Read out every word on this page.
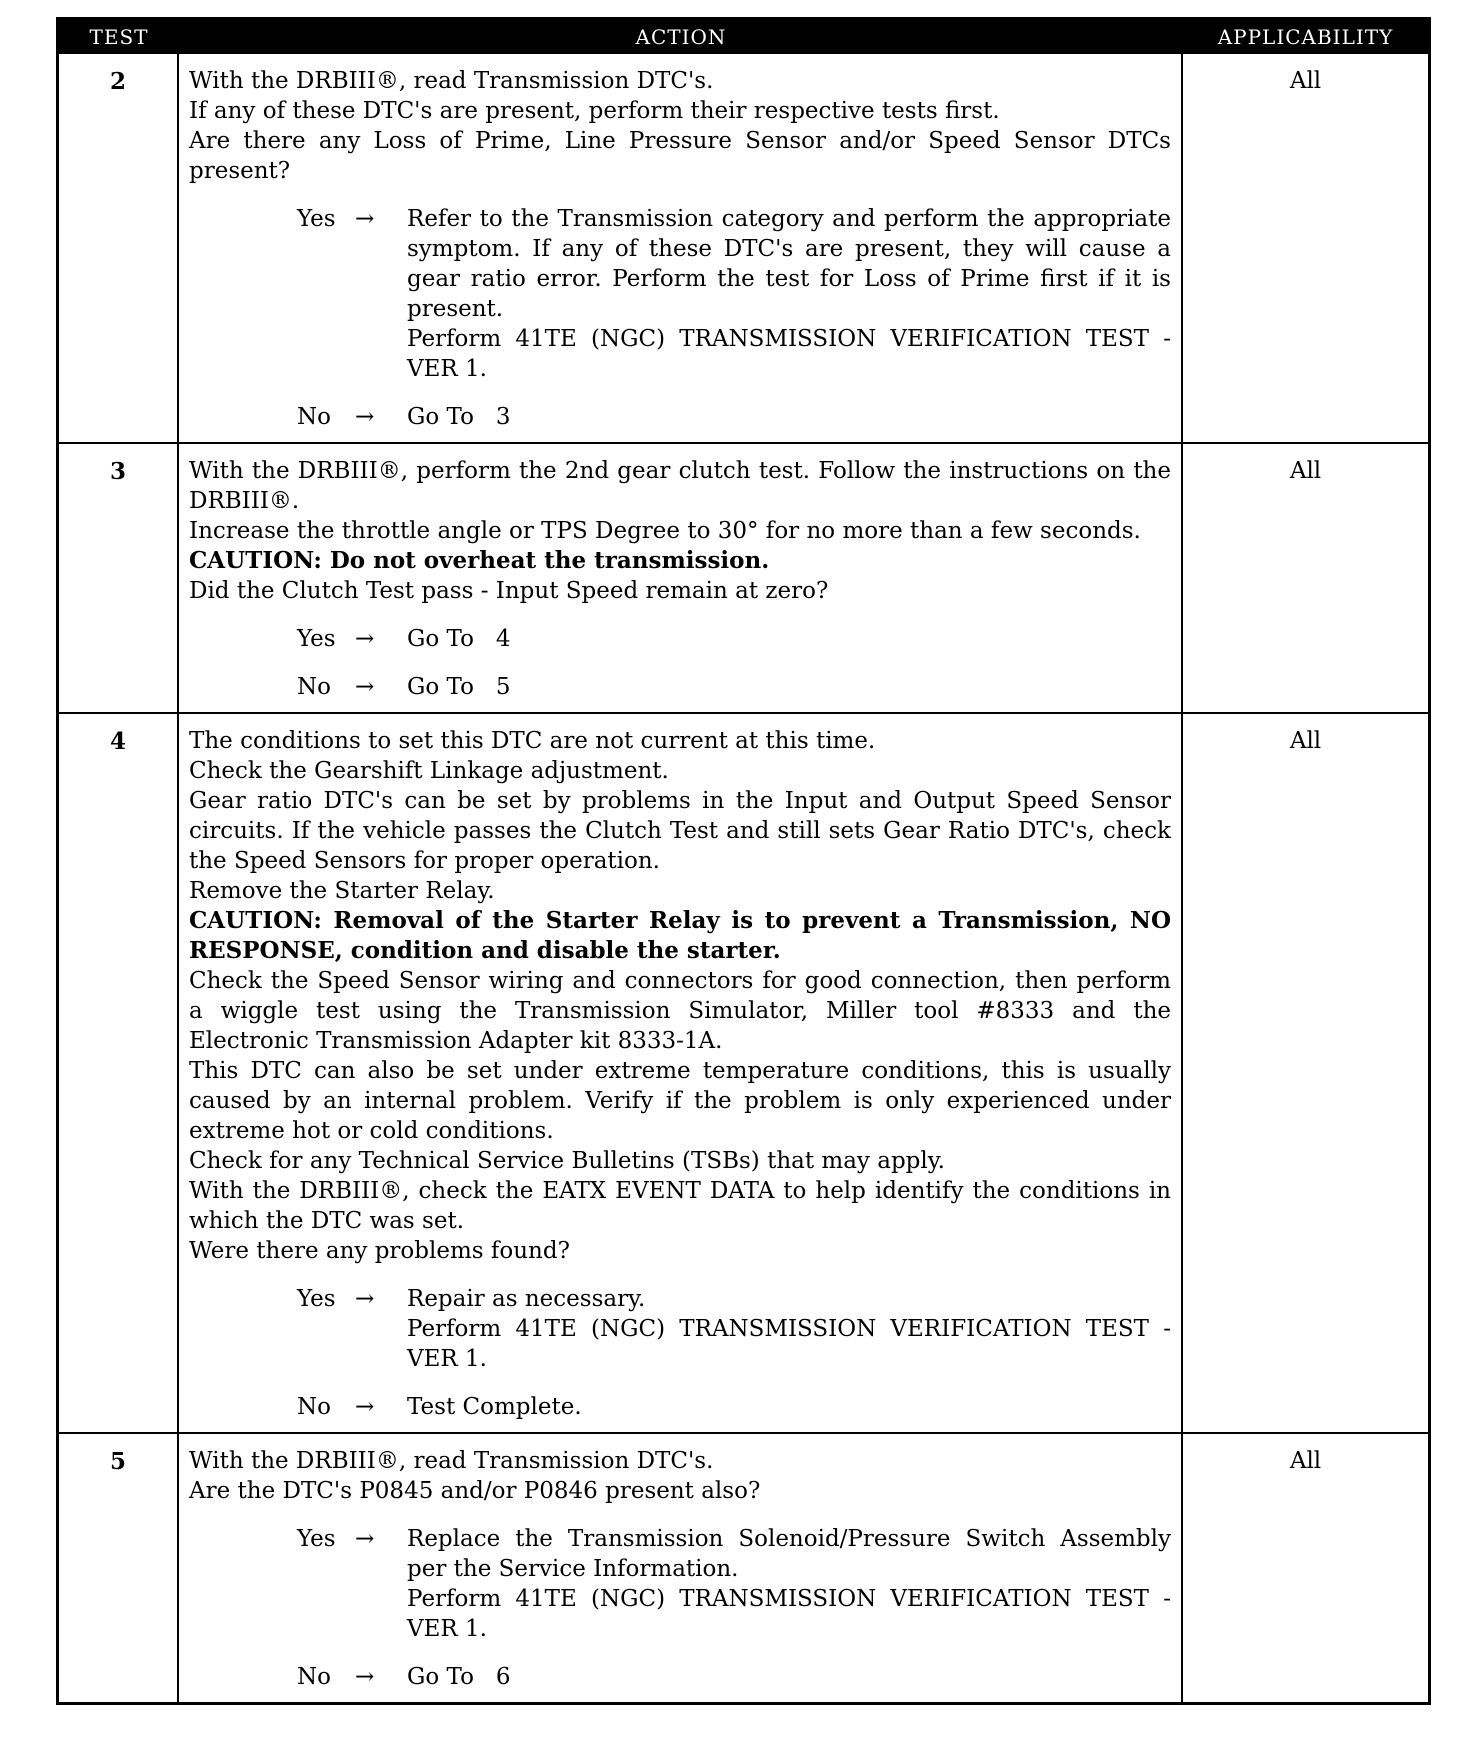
TEST	ACTION	APPLICABILITY
2	With the DRBIII®, read Transmission DTC's.
If any of these DTC's are present, perform their respective tests first.
Are there any Loss of Prime, Line Pressure Sensor and/or Speed Sensor DTCs present?
Yes →	Refer to the Transmission category and perform the appropriate symptom. If any of these DTC's are present, they will cause a gear ratio error. Perform the test for Loss of Prime first if it is present.
Perform 41TE (NGC) TRANSMISSION VERIFICATION TEST - VER 1.
No	→	Go To   3
All
3	With the DRBIII®, perform the 2nd gear clutch test. Follow the instructions on the DRBIII®.
Increase the throttle angle or TPS Degree to 30° for no more than a few seconds.
CAUTION: Do not overheat the transmission.
Did the Clutch Test pass - Input Speed remain at zero?
Yes →	Go To   4
No	→	Go To   5
All
4	The conditions to set this DTC are not current at this time.
Check the Gearshift Linkage adjustment.
Gear ratio DTC's can be set by problems in the Input and Output Speed Sensor circuits. If the vehicle passes the Clutch Test and still sets Gear Ratio DTC's, check the Speed Sensors for proper operation.
Remove the Starter Relay.
CAUTION: Removal of the Starter Relay is to prevent a Transmission, NO RESPONSE, condition and disable the starter.
Check the Speed Sensor wiring and connectors for good connection, then perform a wiggle test using the Transmission Simulator, Miller tool #8333 and the Electronic Transmission Adapter kit 8333-1A.
This DTC can also be set under extreme temperature conditions, this is usually caused by an internal problem. Verify if the problem is only experienced under extreme hot or cold conditions.
Check for any Technical Service Bulletins (TSBs) that may apply.
With the DRBIII®, check the EATX EVENT DATA to help identify the conditions in which the DTC was set.
Were there any problems found?
Yes →	Repair as necessary.
Perform 41TE (NGC) TRANSMISSION VERIFICATION TEST - VER 1.
No	→	Test Complete.
All
5	With the DRBIII®, read Transmission DTC's.
Are the DTC's P0845 and/or P0846 present also?
Yes →	Replace the Transmission Solenoid/Pressure Switch Assembly per the Service Information.
Perform 41TE (NGC) TRANSMISSION VERIFICATION TEST - VER 1.
No	→	Go To   6
All
